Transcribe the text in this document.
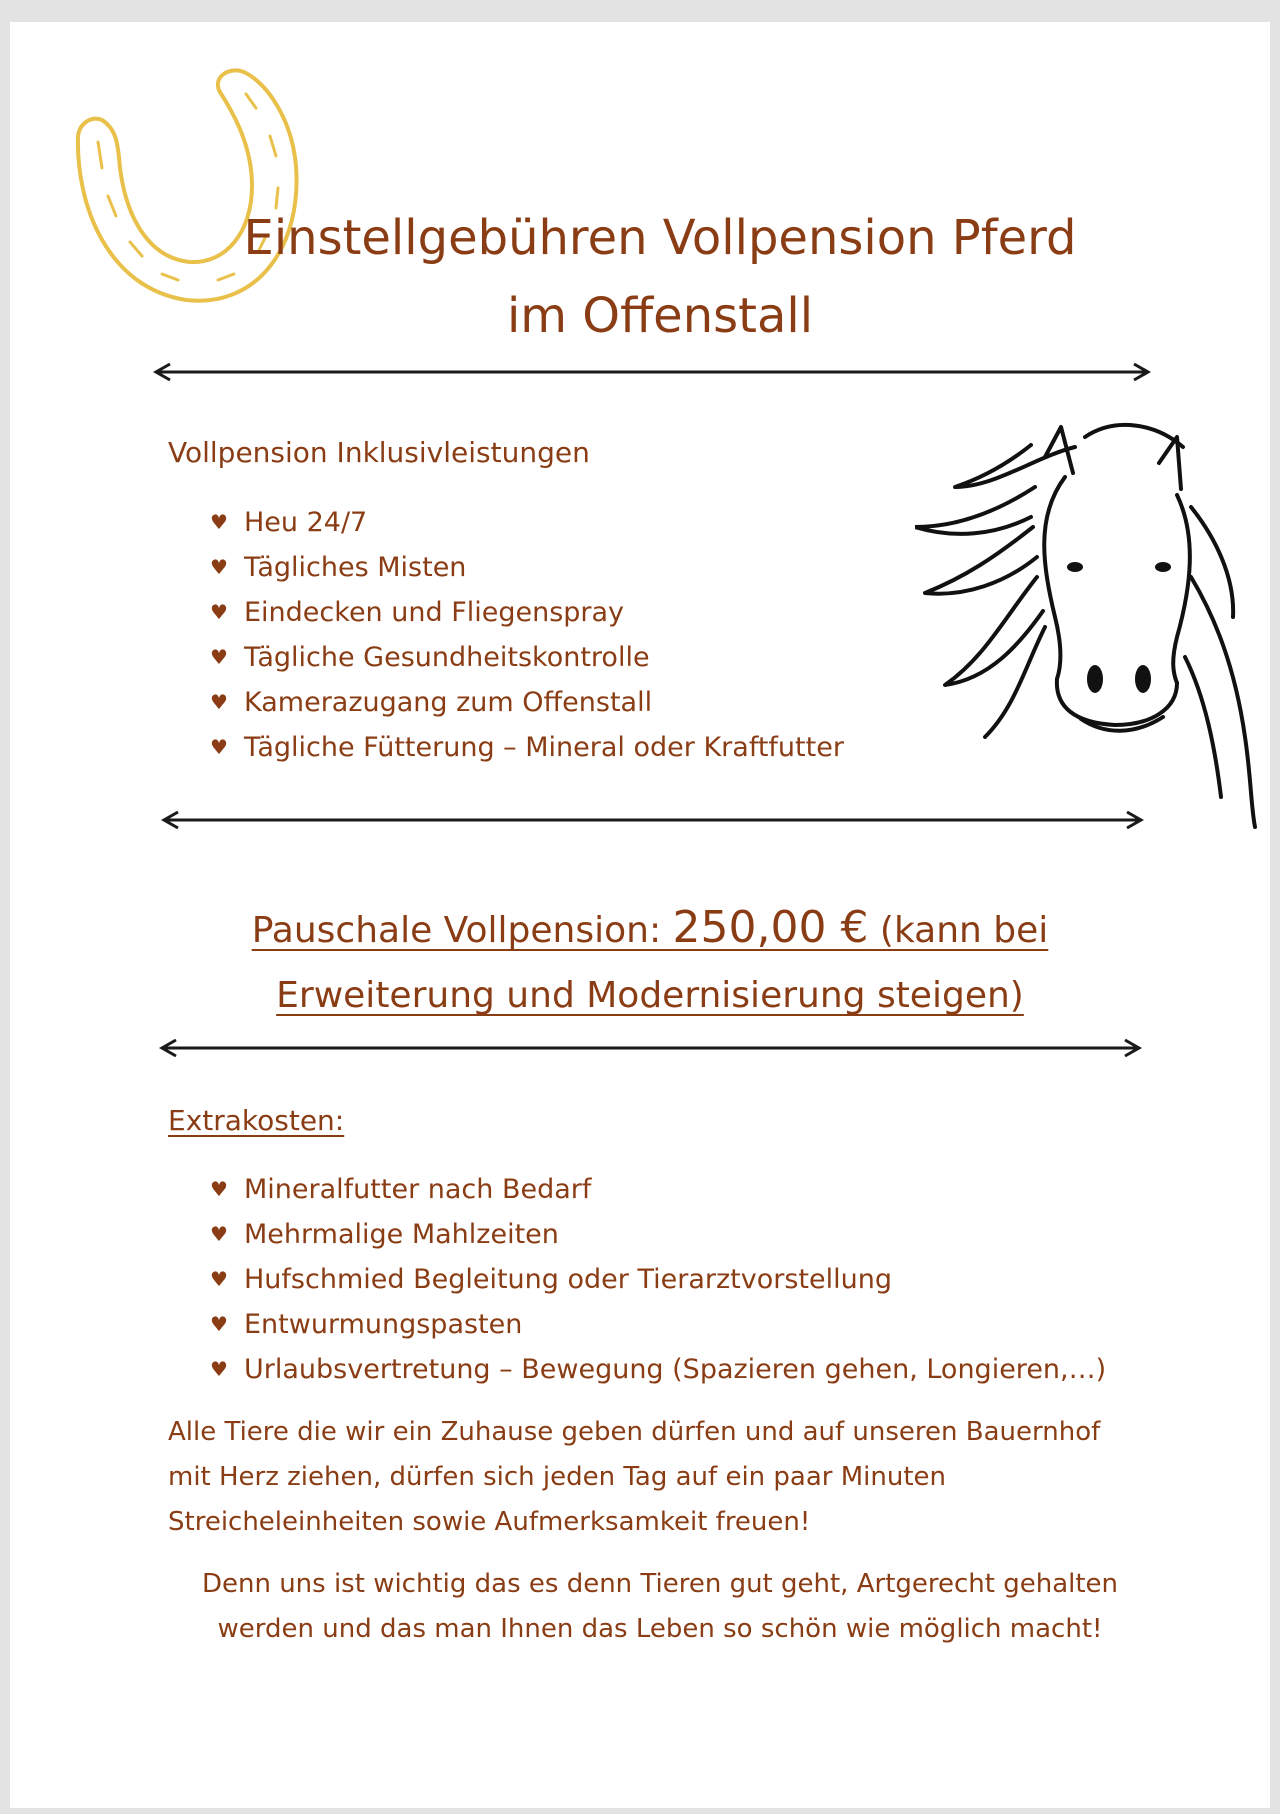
Einstellgebühren Vollpension Pferd
im Offenstall
Vollpension Inklusivleistungen
♥ Heu 24/7
♥ Tägliches Misten
♥ Eindecken und Fliegenspray
♥ Tägliche Gesundheitskontrolle
♥ Kamerazugang zum Offenstall
♥ Tägliche Fütterung – Mineral oder Kraftfutter

Pauschale Vollpension: 250,00 € (kann bei

Erweiterung und Modernisierung steigen)

Extrakosten:
♥ Mineralfutter nach Bedarf
♥ Mehrmalige Mahlzeiten
♥ Hufschmied Begleitung oder Tierarztvorstellung
♥ Entwurmungspasten
♥ Urlaubsvertretung – Bewegung (Spazieren gehen, Longieren,…)

Alle Tiere die wir ein Zuhause geben dürfen und auf unseren Bauernhof mit Herz ziehen, dürfen sich jeden Tag auf ein paar Minuten Streicheleinheiten sowie Aufmerksamkeit freuen!

Denn uns ist wichtig das es denn Tieren gut geht, Artgerecht gehalten werden und das man Ihnen das Leben so schön wie möglich macht!
